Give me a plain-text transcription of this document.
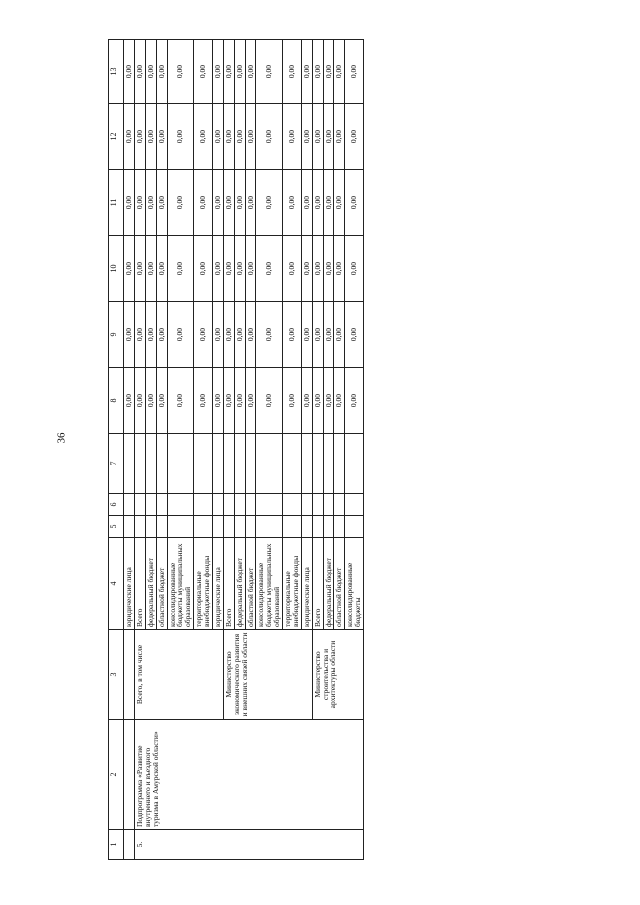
36
1	2	3	4	5	6	7	8	9	10	11	12	13
			юридические лица				0,00	0,00	0,00	0,00	0,00	0,00
5.	Подпрограмма «Развитие внутреннего и въездного туризма в Амурской области»	Всего, в том числе	Всего				0,00	0,00	0,00	0,00	0,00	0,00
			федеральный бюджет				0,00	0,00	0,00	0,00	0,00	0,00
			областной бюджет				0,00	0,00	0,00	0,00	0,00	0,00
			консолидированные бюджеты муниципальных образований				0,00	0,00	0,00	0,00	0,00	0,00
			территориальные внебюджетные фонды				0,00	0,00	0,00	0,00	0,00	0,00
			юридические лица				0,00	0,00	0,00	0,00	0,00	0,00
		Министерство экономического развития и внешних связей области	Всего				0,00	0,00	0,00	0,00	0,00	0,00
			федеральный бюджет				0,00	0,00	0,00	0,00	0,00	0,00
			областной бюджет				0,00	0,00	0,00	0,00	0,00	0,00
			консолидированные бюджеты муниципальных образований				0,00	0,00	0,00	0,00	0,00	0,00
			территориальные внебюджетные фонды				0,00	0,00	0,00	0,00	0,00	0,00
			юридические лица				0,00	0,00	0,00	0,00	0,00	0,00
		Министерство строительства и архитектуры области	Всего				0,00	0,00	0,00	0,00	0,00	0,00
			федеральный бюджет				0,00	0,00	0,00	0,00	0,00	0,00
			областной бюджет				0,00	0,00	0,00	0,00	0,00	0,00
			консолидированные бюджеты				0,00	0,00	0,00	0,00	0,00	0,00
